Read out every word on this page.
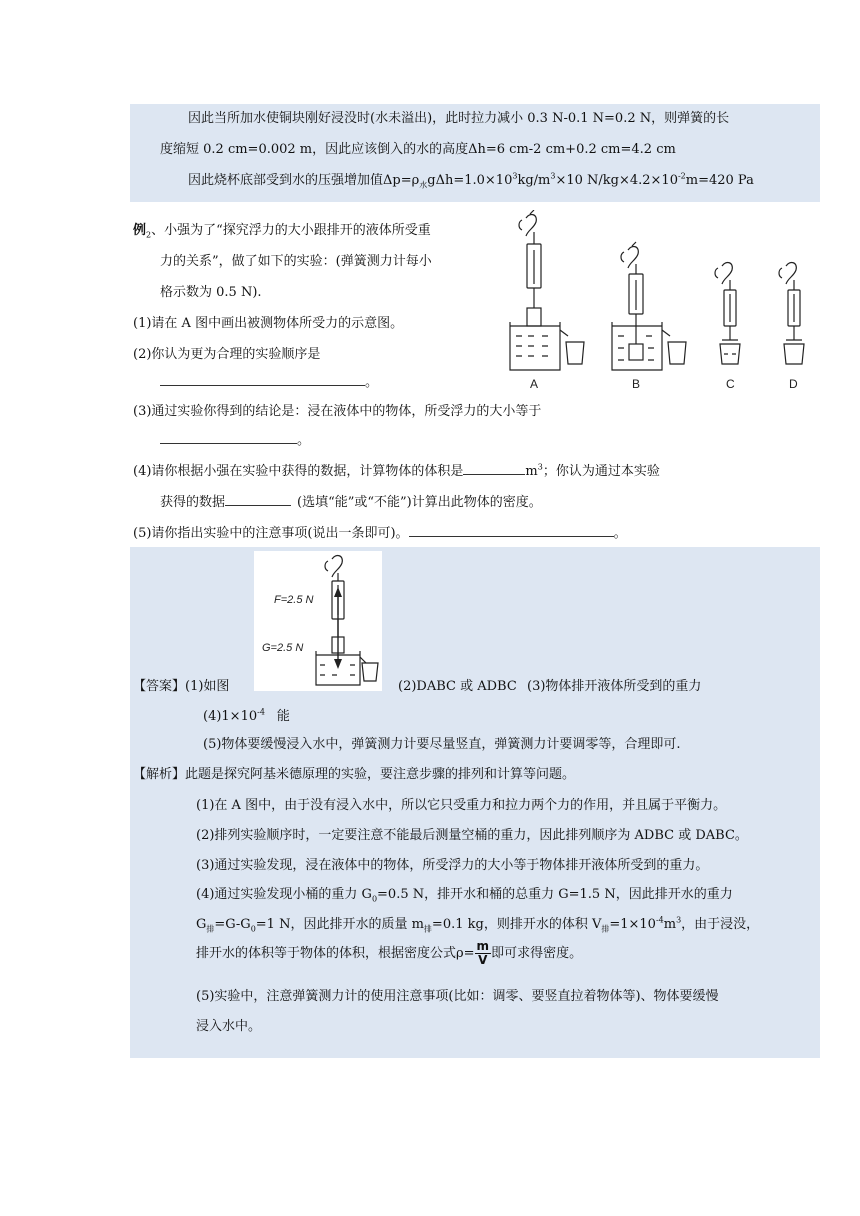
因此当所加水使铜块刚好浸没时(水未溢出)，此时拉力减小 0.3 N-0.1 N=0.2 N，则弹簧的长
度缩短 0.2 cm=0.002 m，因此应该倒入的水的高度Δh=6 cm-2 cm+0.2 cm=4.2 cm
因此烧杯底部受到水的压强增加值$\Delta p=\rho_水g\Delta h=1.0\times 10^3kg/m^3\times 10$ $N/kg\times 4.2\times 10^{-2}m=420$ Pa
例$_2$、小强为了“探究浮力的大小跟排开的液体所受重
力的关系”，做了如下的实验：(弹簧测力计每小
格示数为 0.5 N).
(1)请在 A 图中画出被测物体所受力的示意图。
(2)你认为更为合理的实验顺序是
。
(3)通过实验你得到的结论是：浸在液体中的物体，所受浮力的大小等于
。
(4)请你根据小强在实验中获得的数据，计算物体的体积是	$m^3$；你认为通过本实验
获得的数据	(选填“能”或“不能”)计算出此物体的密度。
(5)请你指出实验中的注意事项(说出一条即可)。	。
A	B	C	D
F=2.5 N
G=2.5 N
【答案】(1)如图	(2)DABC 或 ADBC (3)物体排开液体所受到的重力
$(4)1\times 10^{-4}$ 能
(5)物体要缓慢浸入水中，弹簧测力计要尽量竖直，弹簧测力计要调零等，合理即可.
【解析】此题是探究阿基米德原理的实验，要注意步骤的排列和计算等问题。
(1)在 A 图中，由于没有浸入水中，所以它只受重力和拉力两个力的作用，并且属于平衡力。
(2)排列实验顺序时，一定要注意不能最后测量空桶的重力，因此排列顺序为 ADBC 或 DABC。
(3)通过实验发现，浸在液体中的物体，所受浮力的大小等于物体排开液体所受到的重力。
(4)通过实验发现小桶的重力 $G_0=0.5$ N，排开水和桶的总重力 G=1.5 N，因此排开水的重力
$G_排=G-G_0=1$ N，因此排开水的质量 $m_排=0.1$ kg，则排开水的体积 $V_排=1\times 10^{-4}m^3$，由于浸没，
排开水的体积等于物体的体积，根据密度公式$\rho= \frac{m}{V}$ 即可求得密度。
(5)实验中，注意弹簧测力计的使用注意事项(比如：调零、要竖直拉着物体等)、物体要缓慢
浸入水中。
